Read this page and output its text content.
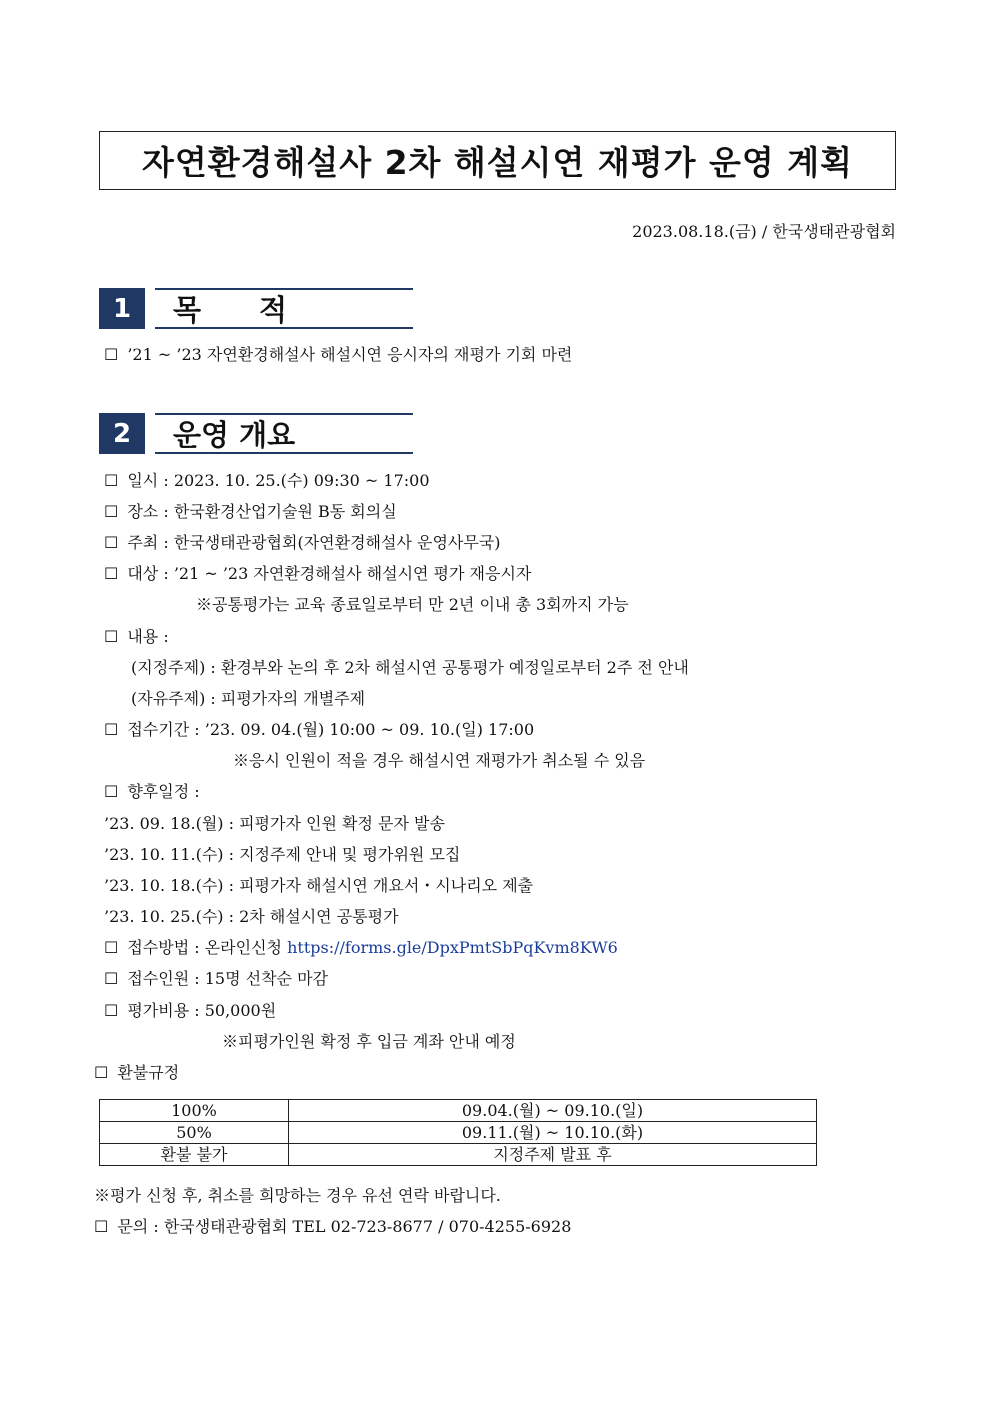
자연환경해설사 2차 해설시연 재평가 운영 계획
2023.08.18.(금) / 한국생태관광협회
1	목　　적
☐ ’21 ~ ’23 자연환경해설사 해설시연 응시자의 재평가 기회 마련
2	운영 개요
☐ 일시 : 2023. 10. 25.(수) 09:30 ~ 17:00
☐ 장소 : 한국환경산업기술원 B동 회의실
☐ 주최 : 한국생태관광협회(자연환경해설사 운영사무국)
☐ 대상 : ’21 ~ ’23 자연환경해설사 해설시연 평가 재응시자
※공통평가는 교육 종료일로부터 만 2년 이내 총 3회까지 가능
☐ 내용 :
(지정주제) : 환경부와 논의 후 2차 해설시연 공통평가 예정일로부터 2주 전 안내
(자유주제) : 피평가자의 개별주제
☐ 접수기간 : ’23. 09. 04.(월) 10:00 ~ 09. 10.(일) 17:00
※응시 인원이 적을 경우 해설시연 재평가가 취소될 수 있음
☐ 향후일정 :
’23. 09. 18.(월) : 피평가자 인원 확정 문자 발송
’23. 10. 11.(수) : 지정주제 안내 및 평가위원 모집
’23. 10. 18.(수) : 피평가자 해설시연 개요서・시나리오 제출
’23. 10. 25.(수) : 2차 해설시연 공통평가
☐ 접수방법 : 온라인신청 https://forms.gle/DpxPmtSbPqKvm8KW6
☐ 접수인원 : 15명 선착순 마감
☐ 평가비용 : 50,000원
※피평가인원 확정 후 입금 계좌 안내 예정
☐ 환불규정
100%	09.04.(월) ~ 09.10.(일)
50%	09.11.(월) ~ 10.10.(화)
환불 불가	지정주제 발표 후
※평가 신청 후, 취소를 희망하는 경우 유선 연락 바랍니다.
☐ 문의 : 한국생태관광협회 TEL 02-723-8677 / 070-4255-6928
